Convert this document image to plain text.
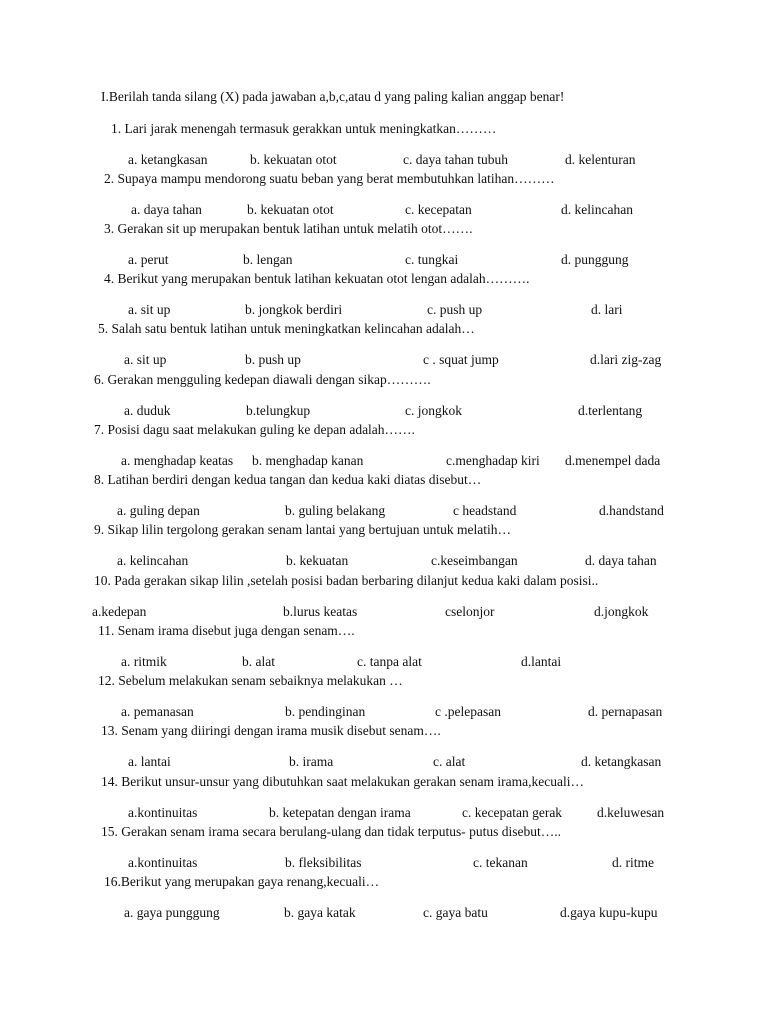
I.Berilah tanda silang (X) pada jawaban a,b,c,atau d yang paling kalian anggap benar!
1. Lari jarak menengah termasuk gerakkan untuk meningkatkan………
a. ketangkasan	b. kekuatan otot	c. daya tahan tubuh	d. kelenturan
2. Supaya mampu mendorong suatu beban yang berat membutuhkan latihan………
a. daya tahan	b. kekuatan otot	c. kecepatan	d. kelincahan
3. Gerakan sit up merupakan bentuk latihan untuk melatih otot…….
a. perut	b. lengan	c. tungkai	d. punggung
4. Berikut yang merupakan bentuk latihan kekuatan otot lengan adalah……….
a. sit up	b. jongkok berdiri	c. push up	d. lari
5. Salah satu bentuk latihan untuk meningkatkan kelincahan adalah…
a. sit up	b. push up	c . squat jump	d.lari zig-zag
6. Gerakan mengguling kedepan diawali dengan sikap……….
a. duduk	b.telungkup	c. jongkok	d.terlentang
7. Posisi dagu saat melakukan guling ke depan adalah…….
a. menghadap keatas b. menghadap kanan	c.menghadap kiri d.menempel dada
8. Latihan berdiri dengan kedua tangan dan kedua kaki diatas disebut…
a. guling depan	b. guling belakang	c headstand	d.handstand
9. Sikap lilin tergolong gerakan senam lantai yang bertujuan untuk melatih…
a. kelincahan	b. kekuatan	c.keseimbangan	d. daya tahan
10. Pada gerakan sikap lilin ,setelah posisi badan berbaring dilanjut kedua kaki dalam posisi..
a.kedepan	b.lurus keatas	cselonjor	d.jongkok
11. Senam irama disebut juga dengan senam….
a. ritmik	b. alat	c. tanpa alat	d.lantai
12. Sebelum melakukan senam sebaiknya melakukan …
a. pemanasan	b. pendinginan	c .pelepasan	d. pernapasan
13. Senam yang diiringi dengan irama musik disebut senam….
a. lantai	b. irama	c. alat	d. ketangkasan
14. Berikut unsur-unsur yang dibutuhkan saat melakukan gerakan senam irama,kecuali…
a.kontinuitas	b. ketepatan dengan irama	c. kecepatan gerak	d.keluwesan
15. Gerakan senam irama secara berulang-ulang dan tidak terputus- putus disebut…..
a.kontinuitas	b. fleksibilitas	c. tekanan	d. ritme
16.Berikut yang merupakan gaya renang,kecuali…
a. gaya punggung	b. gaya katak	c. gaya batu	d.gaya kupu-kupu
